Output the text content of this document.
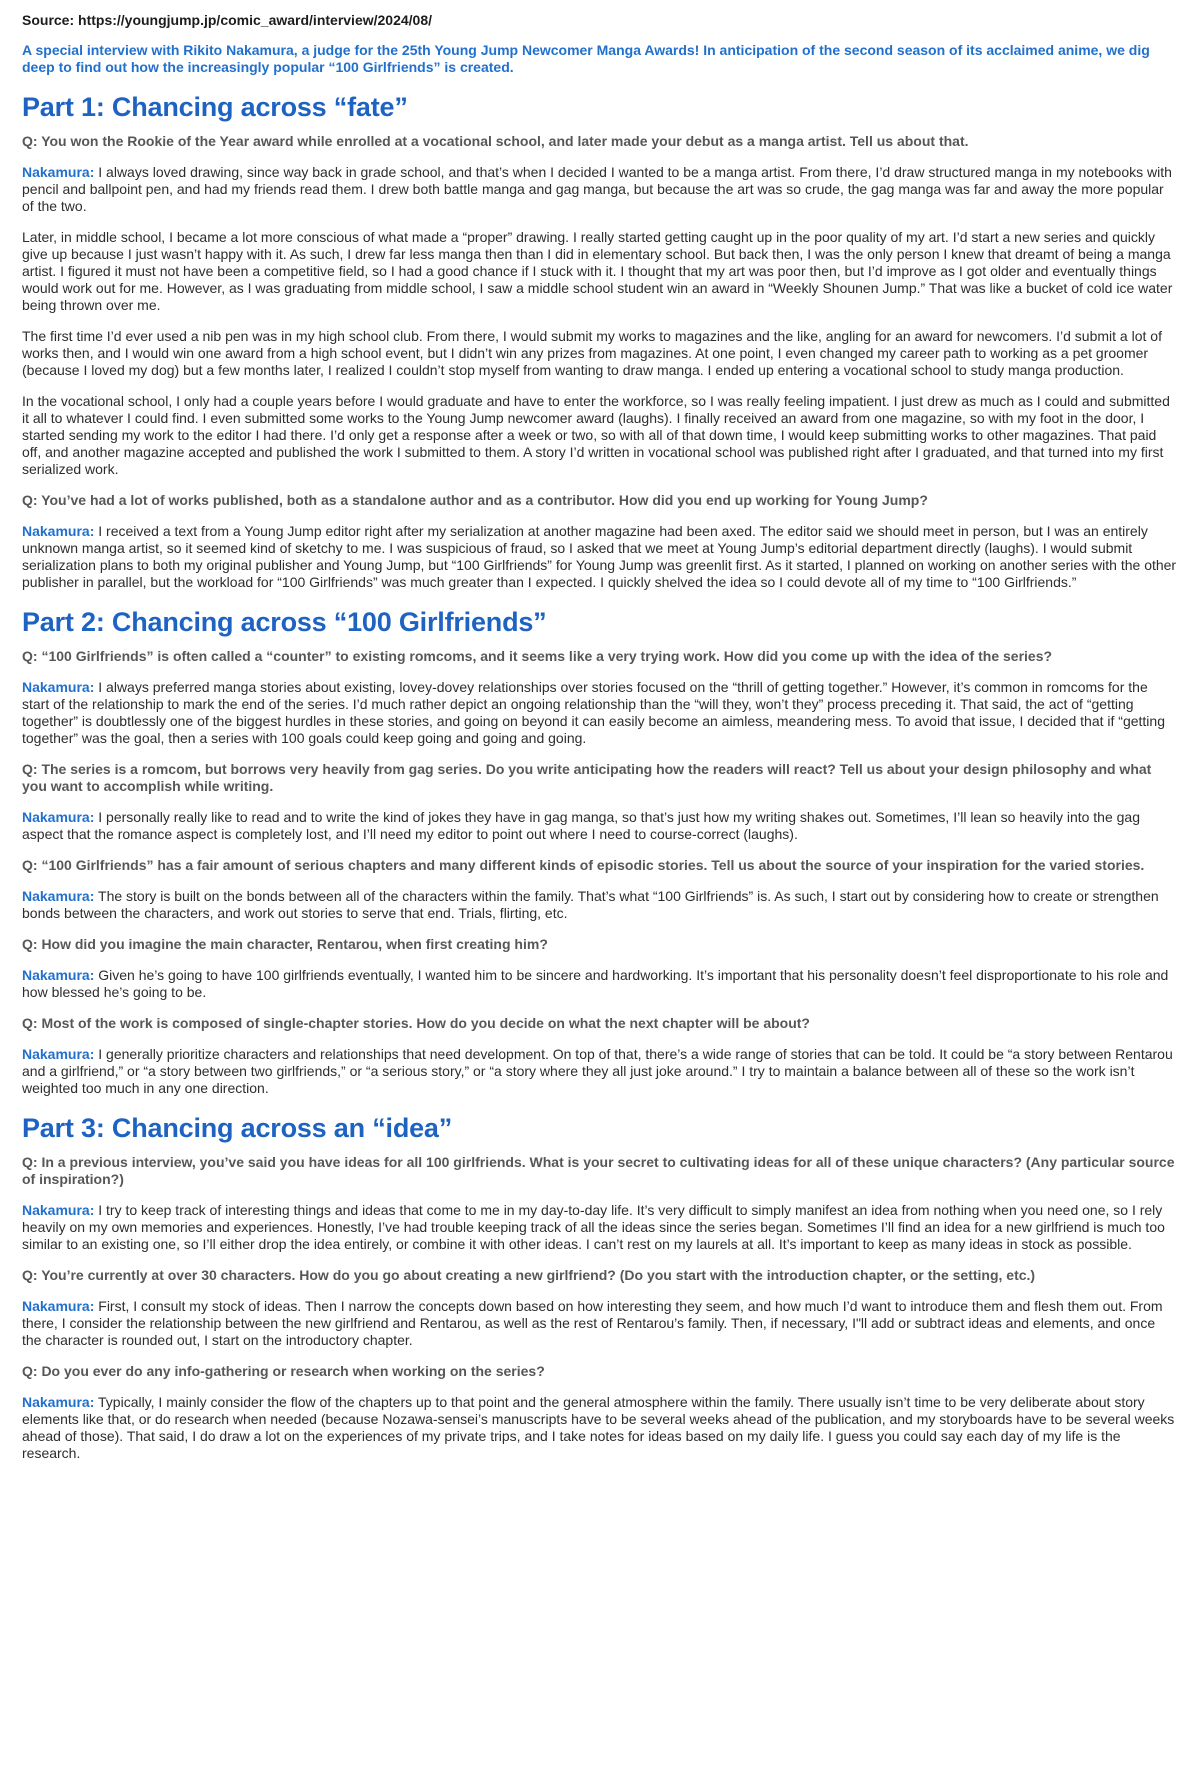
Source: https://youngjump.jp/comic_award/interview/2024/08/

A special interview with Rikito Nakamura, a judge for the 25th Young Jump Newcomer Manga Awards! In anticipation of the second season of its acclaimed anime, we dig deep to find out how the increasingly popular “100 Girlfriends” is created.

Part 1: Chancing across “fate”

Q: You won the Rookie of the Year award while enrolled at a vocational school, and later made your debut as a manga artist. Tell us about that.

Nakamura: I always loved drawing, since way back in grade school, and that’s when I decided I wanted to be a manga artist. From there, I’d draw structured manga in my notebooks with pencil and ballpoint pen, and had my friends read them. I drew both battle manga and gag manga, but because the art was so crude, the gag manga was far and away the more popular of the two.

Later, in middle school, I became a lot more conscious of what made a “proper” drawing. I really started getting caught up in the poor quality of my art. I’d start a new series and quickly give up because I just wasn’t happy with it. As such, I drew far less manga then than I did in elementary school. But back then, I was the only person I knew that dreamt of being a manga artist. I figured it must not have been a competitive field, so I had a good chance if I stuck with it. I thought that my art was poor then, but I’d improve as I got older and eventually things would work out for me. However, as I was graduating from middle school, I saw a middle school student win an award in “Weekly Shounen Jump.” That was like a bucket of cold ice water being thrown over me.

The first time I’d ever used a nib pen was in my high school club. From there, I would submit my works to magazines and the like, angling for an award for newcomers. I’d submit a lot of works then, and I would win one award from a high school event, but I didn’t win any prizes from magazines. At one point, I even changed my career path to working as a pet groomer (because I loved my dog) but a few months later, I realized I couldn’t stop myself from wanting to draw manga. I ended up entering a vocational school to study manga production.

In the vocational school, I only had a couple years before I would graduate and have to enter the workforce, so I was really feeling impatient. I just drew as much as I could and submitted it all to whatever I could find. I even submitted some works to the Young Jump newcomer award (laughs). I finally received an award from one magazine, so with my foot in the door, I started sending my work to the editor I had there. I’d only get a response after a week or two, so with all of that down time, I would keep submitting works to other magazines. That paid off, and another magazine accepted and published the work I submitted to them. A story I’d written in vocational school was published right after I graduated, and that turned into my first serialized work.

Q: You’ve had a lot of works published, both as a standalone author and as a contributor. How did you end up working for Young Jump?

Nakamura: I received a text from a Young Jump editor right after my serialization at another magazine had been axed. The editor said we should meet in person, but I was an entirely unknown manga artist, so it seemed kind of sketchy to me. I was suspicious of fraud, so I asked that we meet at Young Jump’s editorial department directly (laughs). I would submit serialization plans to both my original publisher and Young Jump, but “100 Girlfriends” for Young Jump was greenlit first. As it started, I planned on working on another series with the other publisher in parallel, but the workload for “100 Girlfriends” was much greater than I expected. I quickly shelved the idea so I could devote all of my time to “100 Girlfriends.”

Part 2: Chancing across “100 Girlfriends”

Q: “100 Girlfriends” is often called a “counter” to existing romcoms, and it seems like a very trying work. How did you come up with the idea of the series?

Nakamura: I always preferred manga stories about existing, lovey-dovey relationships over stories focused on the “thrill of getting together.” However, it’s common in romcoms for the start of the relationship to mark the end of the series. I’d much rather depict an ongoing relationship than the “will they, won’t they” process preceding it. That said, the act of “getting together” is doubtlessly one of the biggest hurdles in these stories, and going on beyond it can easily become an aimless, meandering mess. To avoid that issue, I decided that if “getting together” was the goal, then a series with 100 goals could keep going and going and going.

Q: The series is a romcom, but borrows very heavily from gag series. Do you write anticipating how the readers will react? Tell us about your design philosophy and what you want to accomplish while writing.

Nakamura: I personally really like to read and to write the kind of jokes they have in gag manga, so that’s just how my writing shakes out. Sometimes, I’ll lean so heavily into the gag aspect that the romance aspect is completely lost, and I’ll need my editor to point out where I need to course-correct (laughs).

Q: “100 Girlfriends” has a fair amount of serious chapters and many different kinds of episodic stories. Tell us about the source of your inspiration for the varied stories.

Nakamura: The story is built on the bonds between all of the characters within the family. That’s what “100 Girlfriends” is. As such, I start out by considering how to create or strengthen bonds between the characters, and work out stories to serve that end. Trials, flirting, etc.

Q: How did you imagine the main character, Rentarou, when first creating him?

Nakamura: Given he’s going to have 100 girlfriends eventually, I wanted him to be sincere and hardworking. It’s important that his personality doesn’t feel disproportionate to his role and how blessed he’s going to be.

Q: Most of the work is composed of single-chapter stories. How do you decide on what the next chapter will be about?

Nakamura: I generally prioritize characters and relationships that need development. On top of that, there’s a wide range of stories that can be told. It could be “a story between Rentarou and a girlfriend,” or “a story between two girlfriends,” or “a serious story,” or “a story where they all just joke around.” I try to maintain a balance between all of these so the work isn’t weighted too much in any one direction.

Part 3: Chancing across an “idea”

Q: In a previous interview, you’ve said you have ideas for all 100 girlfriends. What is your secret to cultivating ideas for all of these unique characters? (Any particular source of inspiration?)

Nakamura: I try to keep track of interesting things and ideas that come to me in my day-to-day life. It’s very difficult to simply manifest an idea from nothing when you need one, so I rely heavily on my own memories and experiences. Honestly, I’ve had trouble keeping track of all the ideas since the series began. Sometimes I’ll find an idea for a new girlfriend is much too similar to an existing one, so I’ll either drop the idea entirely, or combine it with other ideas. I can’t rest on my laurels at all. It’s important to keep as many ideas in stock as possible.

Q: You’re currently at over 30 characters. How do you go about creating a new girlfriend? (Do you start with the introduction chapter, or the setting, etc.)

Nakamura: First, I consult my stock of ideas. Then I narrow the concepts down based on how interesting they seem, and how much I’d want to introduce them and flesh them out. From there, I consider the relationship between the new girlfriend and Rentarou, as well as the rest of Rentarou’s family. Then, if necessary, I"ll add or subtract ideas and elements, and once the character is rounded out, I start on the introductory chapter.

Q: Do you ever do any info-gathering or research when working on the series?

Nakamura: Typically, I mainly consider the flow of the chapters up to that point and the general atmosphere within the family. There usually isn’t time to be very deliberate about story elements like that, or do research when needed (because Nozawa-sensei’s manuscripts have to be several weeks ahead of the publication, and my storyboards have to be several weeks ahead of those). That said, I do draw a lot on the experiences of my private trips, and I take notes for ideas based on my daily life. I guess you could say each day of my life is the research.
